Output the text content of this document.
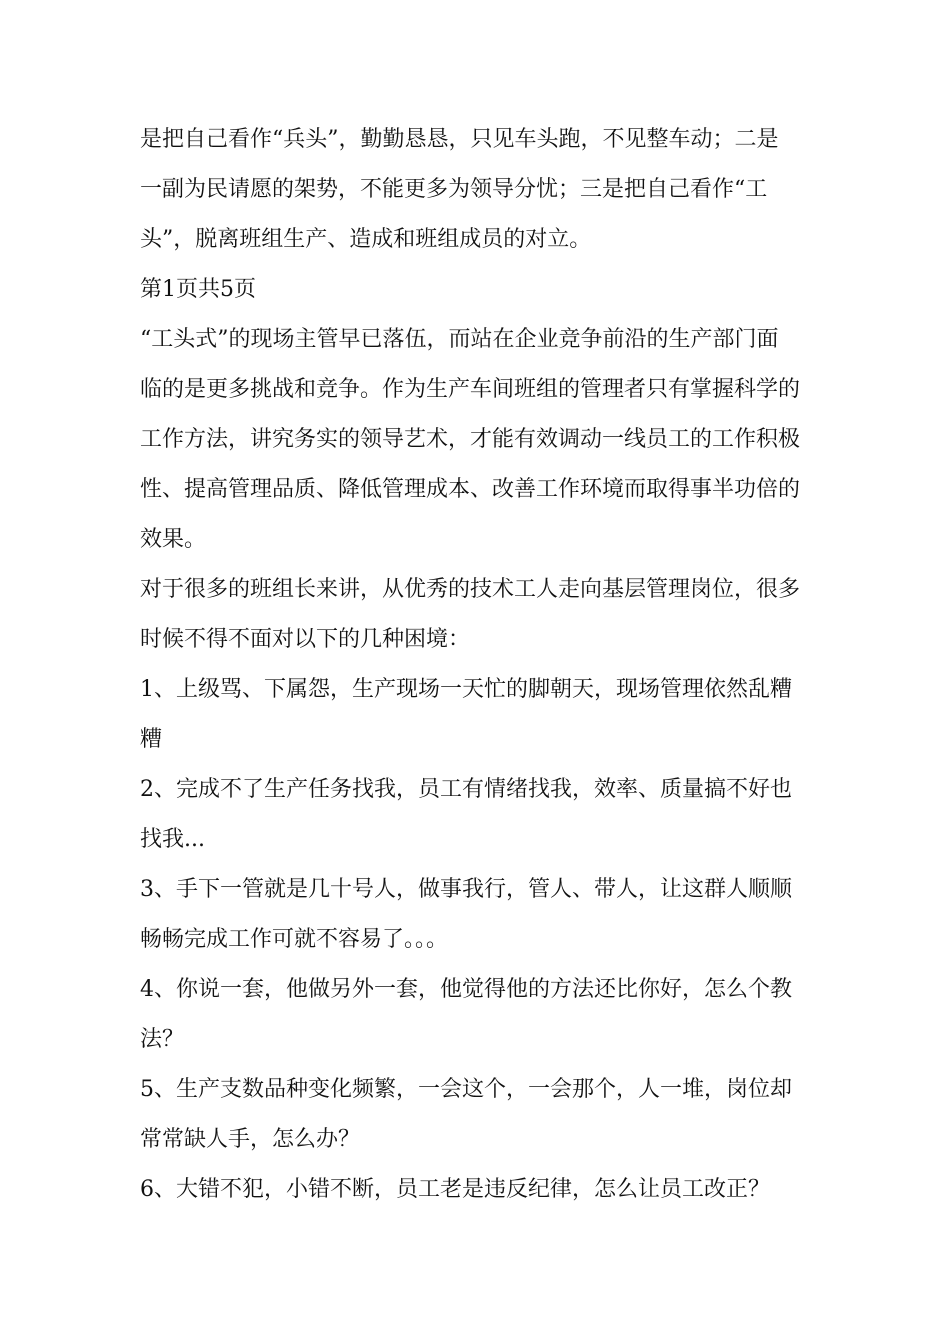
是把自己看作“兵头”，勤勤恳恳，只见车头跑，不见整车动；二是
一副为民请愿的架势，不能更多为领导分忧；三是把自己看作“工
头”，脱离班组生产、造成和班组成员的对立。
第1页共5页
“工头式”的现场主管早已落伍，而站在企业竞争前沿的生产部门面
临的是更多挑战和竞争。作为生产车间班组的管理者只有掌握科学的
工作方法，讲究务实的领导艺术，才能有效调动一线员工的工作积极
性、提高管理品质、降低管理成本、改善工作环境而取得事半功倍的
效果。
对于很多的班组长来讲，从优秀的技术工人走向基层管理岗位，很多
时候不得不面对以下的几种困境：
1、上级骂、下属怨，生产现场一天忙的脚朝天，现场管理依然乱糟
糟
2、完成不了生产任务找我，员工有情绪找我，效率、质量搞不好也
找我...
3、手下一管就是几十号人，做事我行，管人、带人，让这群人顺顺
畅畅完成工作可就不容易了。。。
4、你说一套，他做另外一套，他觉得他的方法还比你好，怎么个教
法？
5、生产支数品种变化频繁，一会这个，一会那个，人一堆，岗位却
常常缺人手，怎么办？
6、大错不犯，小错不断，员工老是违反纪律，怎么让员工改正？
